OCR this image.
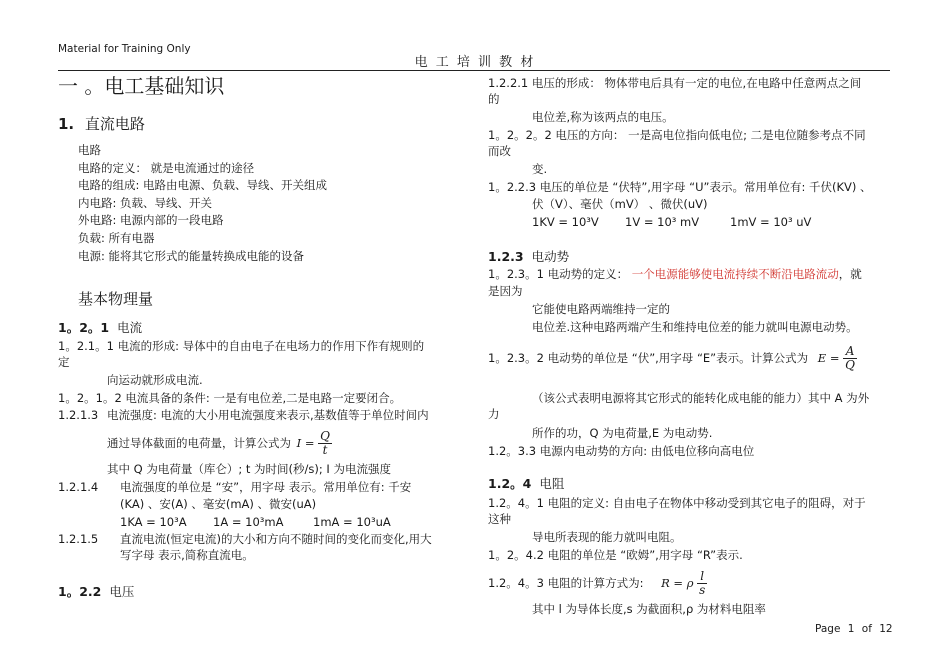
Material for Training Only
电 工 培 训 教 材
一 。电工基础知识
1. 直流电路
电路
电路的定义： 就是电流通过的途径
电路的组成: 电路由电源、负载、导线、开关组成
内电路: 负载、导线、开关
外电路: 电源内部的一段电路
负载: 所有电器
电源: 能将其它形式的能量转换成电能的设备
基本物理量
1。2。1 电流
1。2.1。1 电流的形成: 导体中的自由电子在电场力的作用下作有规则的
定
向运动就形成电流.
1。2。1。2 电流具备的条件: 一是有电位差,二是电路一定要闭合。
1.2.1.3 电流强度: 电流的大小用电流强度来表示,基数值等于单位时间内
通过导体截面的电荷量，计算公式为 $I = \frac{Q}{t}$
其中 Q 为电荷量（库仑）; t 为时间(秒/s); I 为电流强度
1.2.1.4 电流强度的单位是 “安”，用字母 表示。常用单位有: 千安
(KA) 、安(A) 、毫安(mA) 、微安(uA)
1KA = 10³A 1A = 10³mA	1mA = 10³uA
1.2.1.5 直流电流(恒定电流)的大小和方向不随时间的变化而变化,用大
写字母 表示,简称直流电。
1。2.2 电压
1.2.2.1 电压的形成： 物体带电后具有一定的电位,在电路中任意两点之间
的
电位差,称为该两点的电压。
1。2。2。2 电压的方向： 一是高电位指向低电位; 二是电位随参考点不同
而改
变.
1。2.2.3 电压的单位是 “伏特”,用字母 “U”表示。常用单位有: 千伏(KV) 、
伏（V）、毫伏（mV） 、微伏(uV)
1KV = 10³V 1V = 10³ mV	1mV = 10³ uV
1.2.3 电动势
1。2.3。1 电动势的定义： 一个电源能够使电流持续不断沿电路流动，就
是因为
它能使电路两端维持一定的
电位差.这种电路两端产生和维持电位差的能力就叫电源电动势。
1。2.3。2 电动势的单位是 “伏”,用字母 “E”表示。计算公式为 $E = \frac{A}{Q}$
（该公式表明电源将其它形式的能转化成电能的能力）其中 A 为外
力
所作的功，Q 为电荷量,E 为电动势.
1.2。3.3 电源内电动势的方向: 由低电位移向高电位
1.2。4 电阻
1.2。4。1 电阻的定义: 自由电子在物体中移动受到其它电子的阻碍，对于
这种
导电所表现的能力就叫电阻。
1。2。4.2 电阻的单位是 “欧姆”,用字母 “R”表示.
1.2。4。3 电阻的计算方式为: R = ρ $\frac{l}{s}$
其中 l 为导体长度,s 为截面积,ρ 为材料电阻率
Page 1 of 12
